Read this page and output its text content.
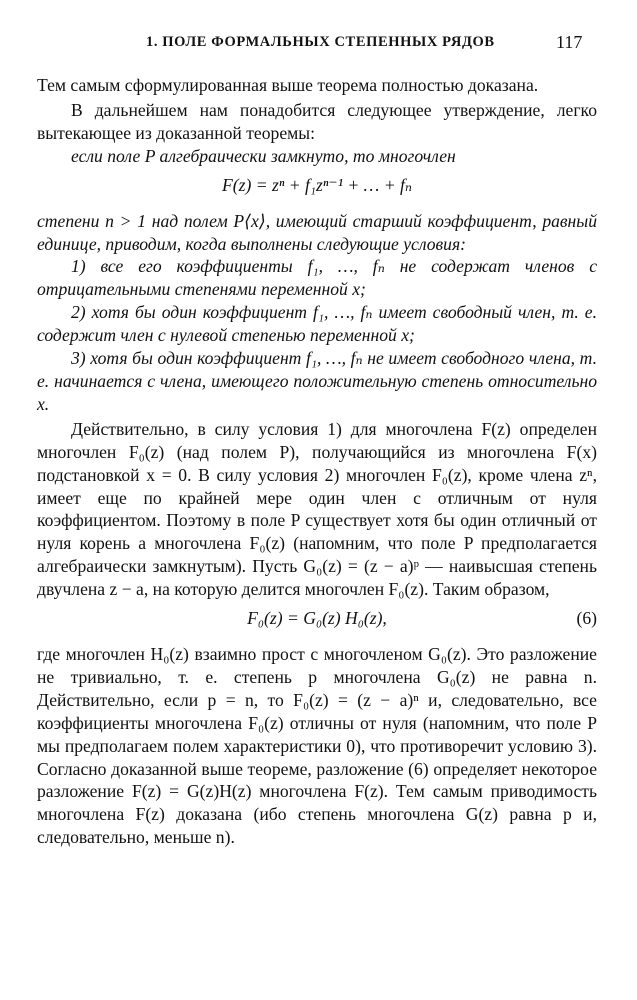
1. ПОЛЕ ФОРМАЛЬНЫХ СТЕПЕННЫХ РЯДОВ	117

Тем самым сформулированная выше теорема полностью доказана.

В дальнейшем нам понадобится следующее утверждение, легко вытекающее из доказанной теоремы:

если поле P алгебраически замкнуто, то многочлен

F(z) = zⁿ + f₁zⁿ⁻¹ + … + fₙ

степени n > 1 над полем P⟨x⟩, имеющий старший коэффициент, равный единице, приводим, когда выполнены следующие условия:

1) все его коэффициенты f₁, …, fₙ не содержат членов с отрицательными степенями переменной x;

2) хотя бы один коэффициент f₁, …, fₙ имеет свободный член, т. е. содержит член с нулевой степенью переменной x;

3) хотя бы один коэффициент f₁, …, fₙ не имеет свободного члена, т. е. начинается с члена, имеющего положительную степень относительно x.

Действительно, в силу условия 1) для многочлена F(z) определен многочлен F₀(z) (над полем P), получающийся из многочлена F(x) подстановкой x = 0. В силу условия 2) многочлен F₀(z), кроме члена zⁿ, имеет еще по крайней мере один член с отличным от нуля коэффициентом. Поэтому в поле P существует хотя бы один отличный от нуля корень a многочлена F₀(z) (напомним, что поле P предполагается алгебраически замкнутым). Пусть G₀(z) = (z − a)ᵖ — наивысшая степень двучлена z − a, на которую делится многочлен F₀(z). Таким образом,

F₀(z) = G₀(z) H₀(z),	(6)

где многочлен H₀(z) взаимно прост с многочленом G₀(z). Это разложение не тривиально, т. е. степень p многочлена G₀(z) не равна n. Действительно, если p = n, то F₀(z) = (z − a)ⁿ и, следовательно, все коэффициенты многочлена F₀(z) отличны от нуля (напомним, что поле P мы предполагаем полем характеристики 0), что противоречит условию 3). Согласно доказанной выше теореме, разложение (6) определяет некоторое разложение F(z) = G(z)H(z) многочлена F(z). Тем самым приводимость многочлена F(z) доказана (ибо степень многочлена G(z) равна p и, следовательно, меньше n).
